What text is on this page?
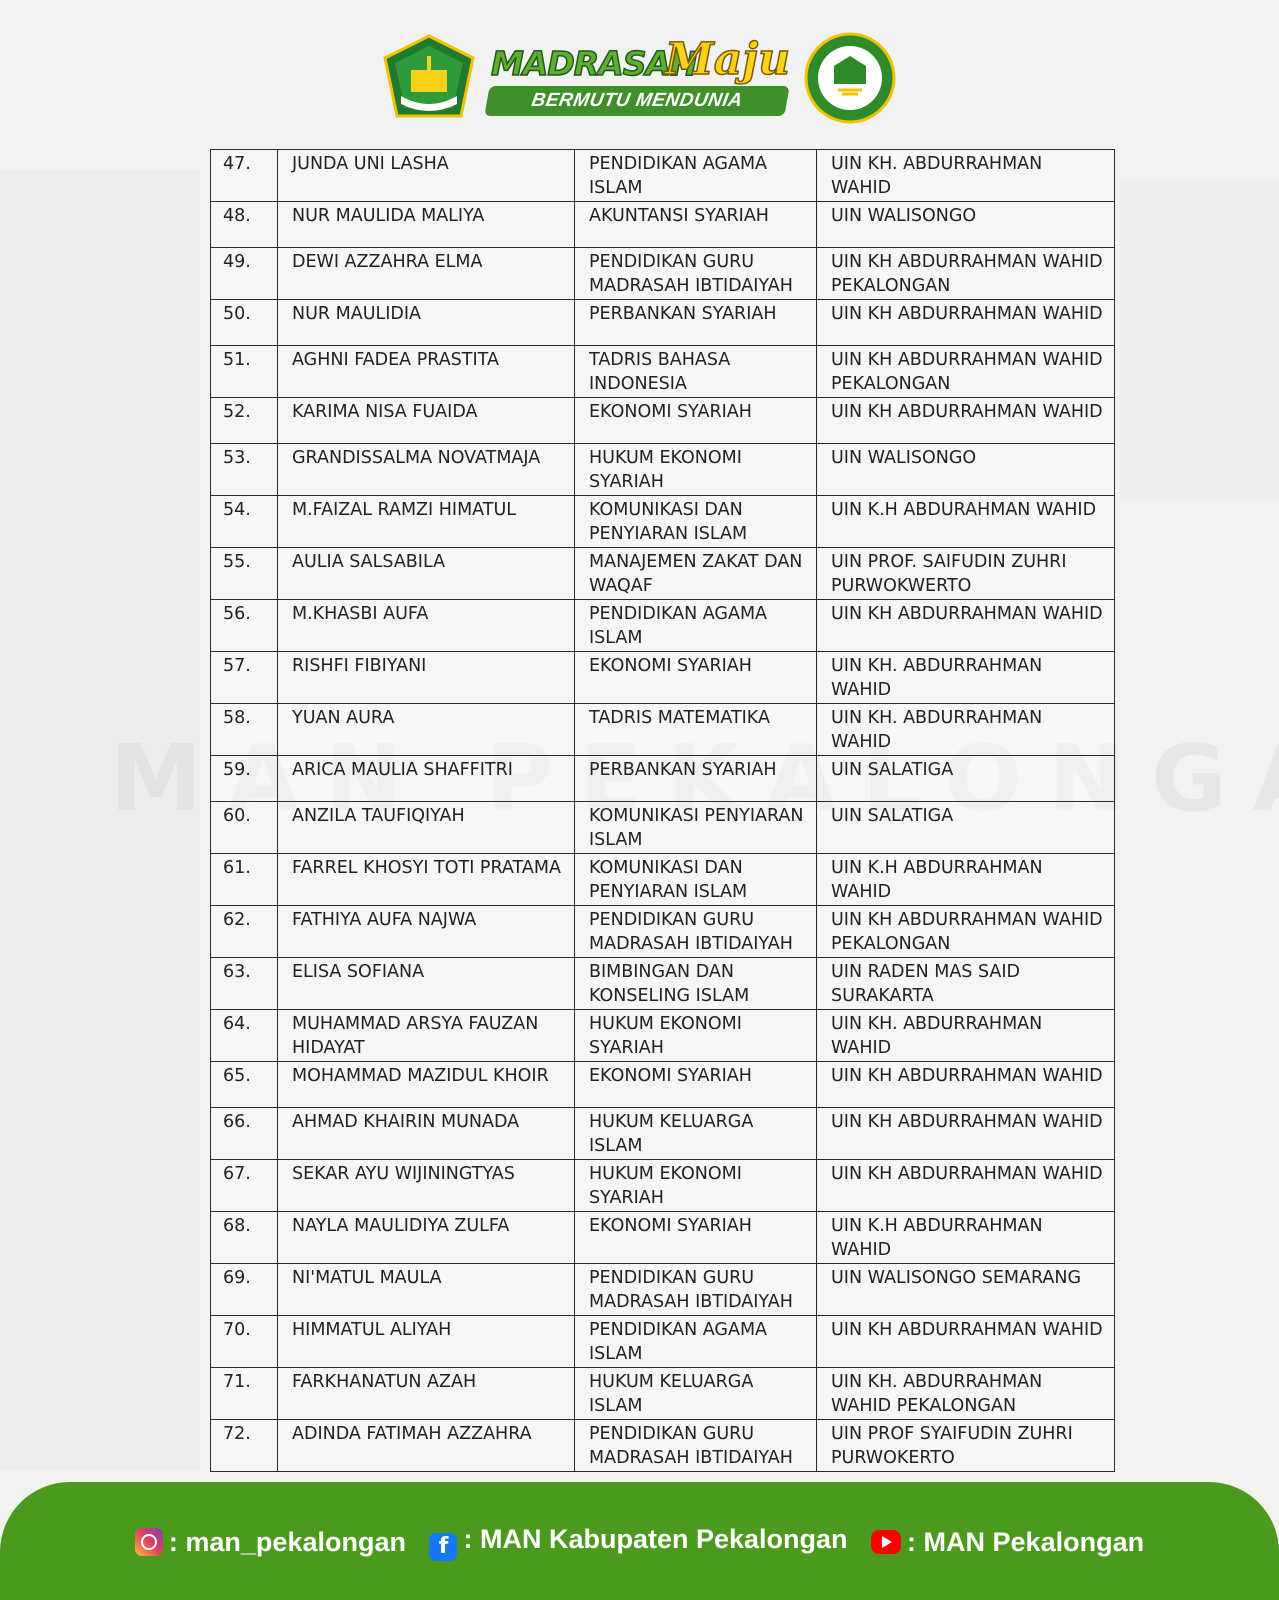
MADRASAH
Maju
BERMUTU MENDUNIA
47.	JUNDA UNI LASHA	PENDIDIKAN AGAMA ISLAM	UIN KH. ABDURRAHMAN WAHID
48.	NUR MAULIDA MALIYA	AKUNTANSI SYARIAH	UIN WALISONGO
49.	DEWI AZZAHRA ELMA	PENDIDIKAN GURU MADRASAH IBTIDAIYAH	UIN KH ABDURRAHMAN WAHID PEKALONGAN
50.	NUR MAULIDIA	PERBANKAN SYARIAH	UIN KH ABDURRAHMAN WAHID
51.	AGHNI FADEA PRASTITA	TADRIS BAHASA INDONESIA	UIN KH ABDURRAHMAN WAHID PEKALONGAN
52.	KARIMA NISA FUAIDA	EKONOMI SYARIAH	UIN KH ABDURRAHMAN WAHID
53.	GRANDISSALMA NOVATMAJA	HUKUM EKONOMI SYARIAH	UIN WALISONGO
54.	M.FAIZAL RAMZI HIMATUL	KOMUNIKASI DAN PENYIARAN ISLAM	UIN K.H ABDURAHMAN WAHID
55.	AULIA SALSABILA	MANAJEMEN ZAKAT DAN WAQAF	UIN PROF. SAIFUDIN ZUHRI PURWOKWERTO
56.	M.KHASBI AUFA	PENDIDIKAN AGAMA ISLAM	UIN KH ABDURRAHMAN WAHID
57.	RISHFI FIBIYANI	EKONOMI SYARIAH	UIN KH. ABDURRAHMAN WAHID
58.	YUAN AURA	TADRIS MATEMATIKA	UIN KH. ABDURRAHMAN WAHID
59.	ARICA MAULIA SHAFFITRI	PERBANKAN SYARIAH	UIN SALATIGA
60.	ANZILA TAUFIQIYAH	KOMUNIKASI PENYIARAN ISLAM	UIN SALATIGA
61.	FARREL KHOSYI TOTI PRATAMA	KOMUNIKASI DAN PENYIARAN ISLAM	UIN K.H ABDURRAHMAN WAHID
62.	FATHIYA AUFA NAJWA	PENDIDIKAN GURU MADRASAH IBTIDAIYAH	UIN KH ABDURRAHMAN WAHID PEKALONGAN
63.	ELISA SOFIANA	BIMBINGAN DAN KONSELING ISLAM	UIN RADEN MAS SAID SURAKARTA
64.	MUHAMMAD ARSYA FAUZAN HIDAYAT	HUKUM EKONOMI SYARIAH	UIN KH. ABDURRAHMAN WAHID
65.	MOHAMMAD MAZIDUL KHOIR	EKONOMI SYARIAH	UIN KH ABDURRAHMAN WAHID
66.	AHMAD KHAIRIN MUNADA	HUKUM KELUARGA ISLAM	UIN KH ABDURRAHMAN WAHID
67.	SEKAR AYU WIJININGTYAS	HUKUM EKONOMI SYARIAH	UIN KH ABDURRAHMAN WAHID
68.	NAYLA MAULIDIYA ZULFA	EKONOMI SYARIAH	UIN K.H ABDURRAHMAN WAHID
69.	NI'MATUL MAULA	PENDIDIKAN GURU MADRASAH IBTIDAIYAH	UIN WALISONGO SEMARANG
70.	HIMMATUL ALIYAH	PENDIDIKAN AGAMA ISLAM	UIN KH ABDURRAHMAN WAHID
71.	FARKHANATUN AZAH	HUKUM KELUARGA ISLAM	UIN KH. ABDURRAHMAN WAHID PEKALONGAN
72.	ADINDA FATIMAH AZZAHRA	PENDIDIKAN GURU MADRASAH IBTIDAIYAH	UIN PROF SYAIFUDIN ZUHRI PURWOKERTO
: man_pekalongan f : MAN Kabupaten Pekalongan : MAN Pekalongan
